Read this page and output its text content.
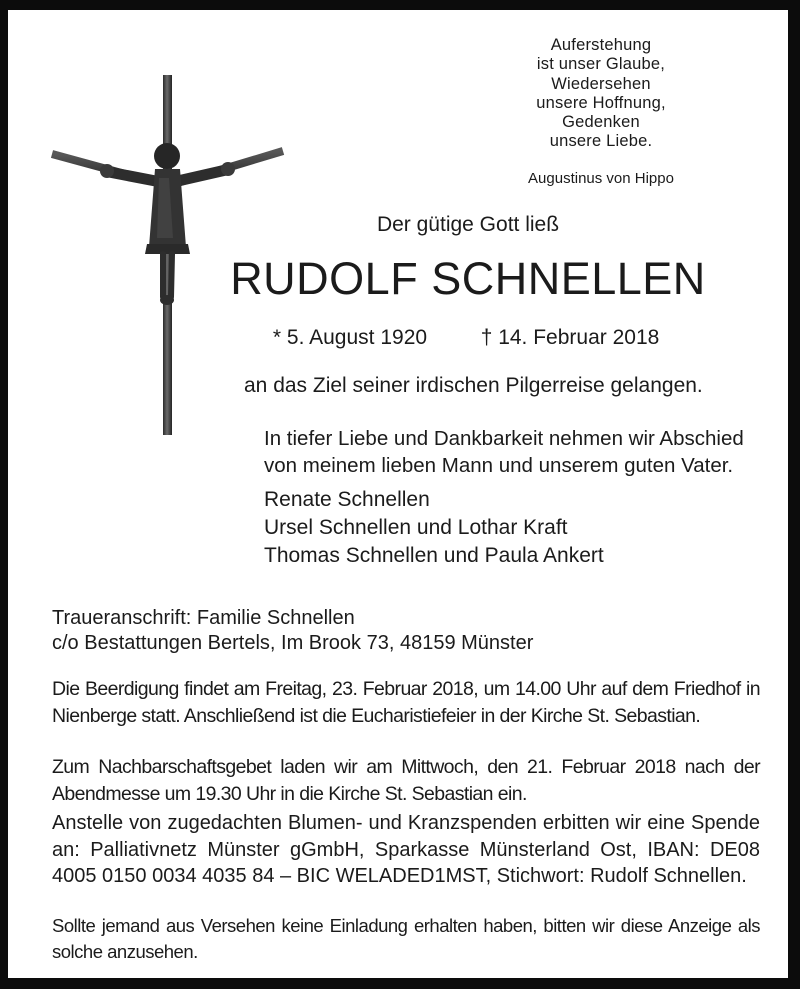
Auferstehung
ist unser Glaube,
Wiedersehen
unsere Hoffnung,
Gedenken
unsere Liebe.
Augustinus von Hippo
Der gütige Gott ließ
RUDOLF SCHNELLEN
* 5. August 1920	† 14. Februar 2018
an das Ziel seiner irdischen Pilgerreise gelangen.
In tiefer Liebe und Dankbarkeit nehmen wir Abschied von meinem lieben Mann und unserem guten Vater.
Renate Schnellen
Ursel Schnellen und Lothar Kraft
Thomas Schnellen und Paula Ankert
Traueranschrift: Familie Schnellen
c/o Bestattungen Bertels, Im Brook 73, 48159 Münster
Die Beerdigung findet am Freitag, 23. Februar 2018, um 14.00 Uhr auf dem Friedhof in Nienberge statt. Anschließend ist die Eucharistiefeier in der Kirche St. Sebastian.
Zum Nachbarschaftsgebet laden wir am Mittwoch, den 21. Februar 2018 nach der Abendmesse um 19.30 Uhr in die Kirche St. Sebastian ein.
Anstelle von zugedachten Blumen- und Kranzspenden erbitten wir eine Spende an: Palliativnetz Münster gGmbH, Sparkasse Münsterland Ost, IBAN: DE08 4005 0150 0034 4035 84 – BIC WELADED1MST, Stichwort: Rudolf Schnellen.
Sollte jemand aus Versehen keine Einladung erhalten haben, bitten wir diese Anzeige als solche anzusehen.
